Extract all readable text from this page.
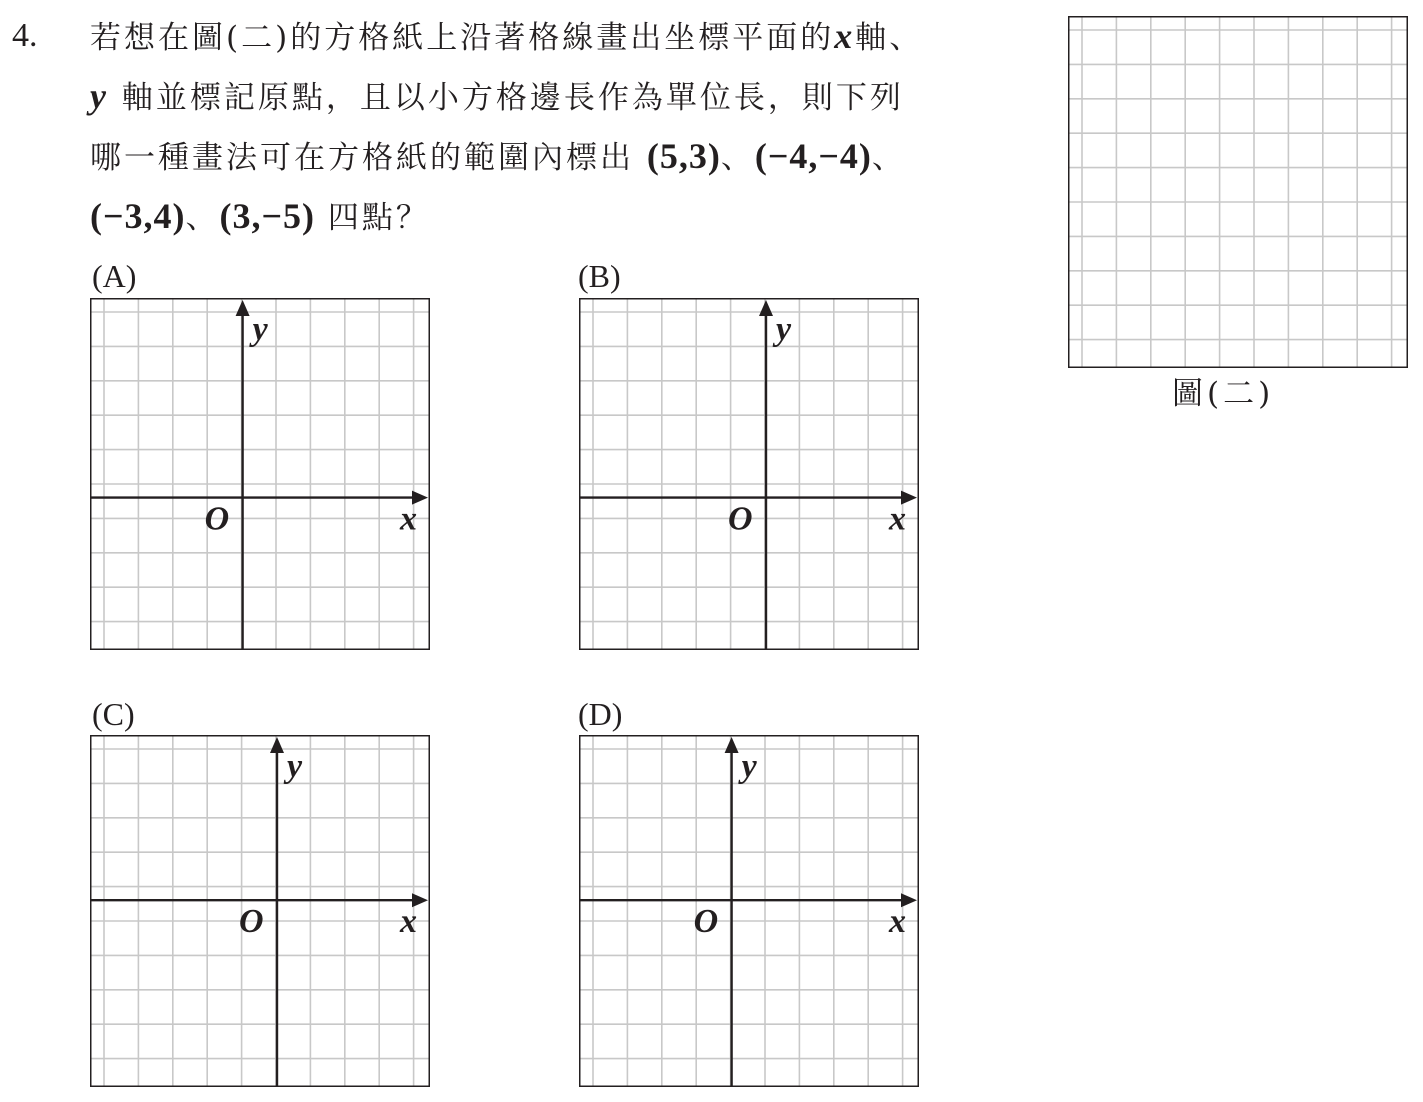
4. 若想在圖(二)的方格紙上沿著格線畫出坐標平面的x軸、
y 軸並標記原點，且以小方格邊長作為單位長，則下列
哪一種畫法可在方格紙的範圍內標出 (5,3)、(−4,−4)、
(−3,4)、(3,−5) 四點？
圖(二)
(A)
y
x
O
(B)
y
x
O
(C)
y
x
O
(D)
y
x
O
